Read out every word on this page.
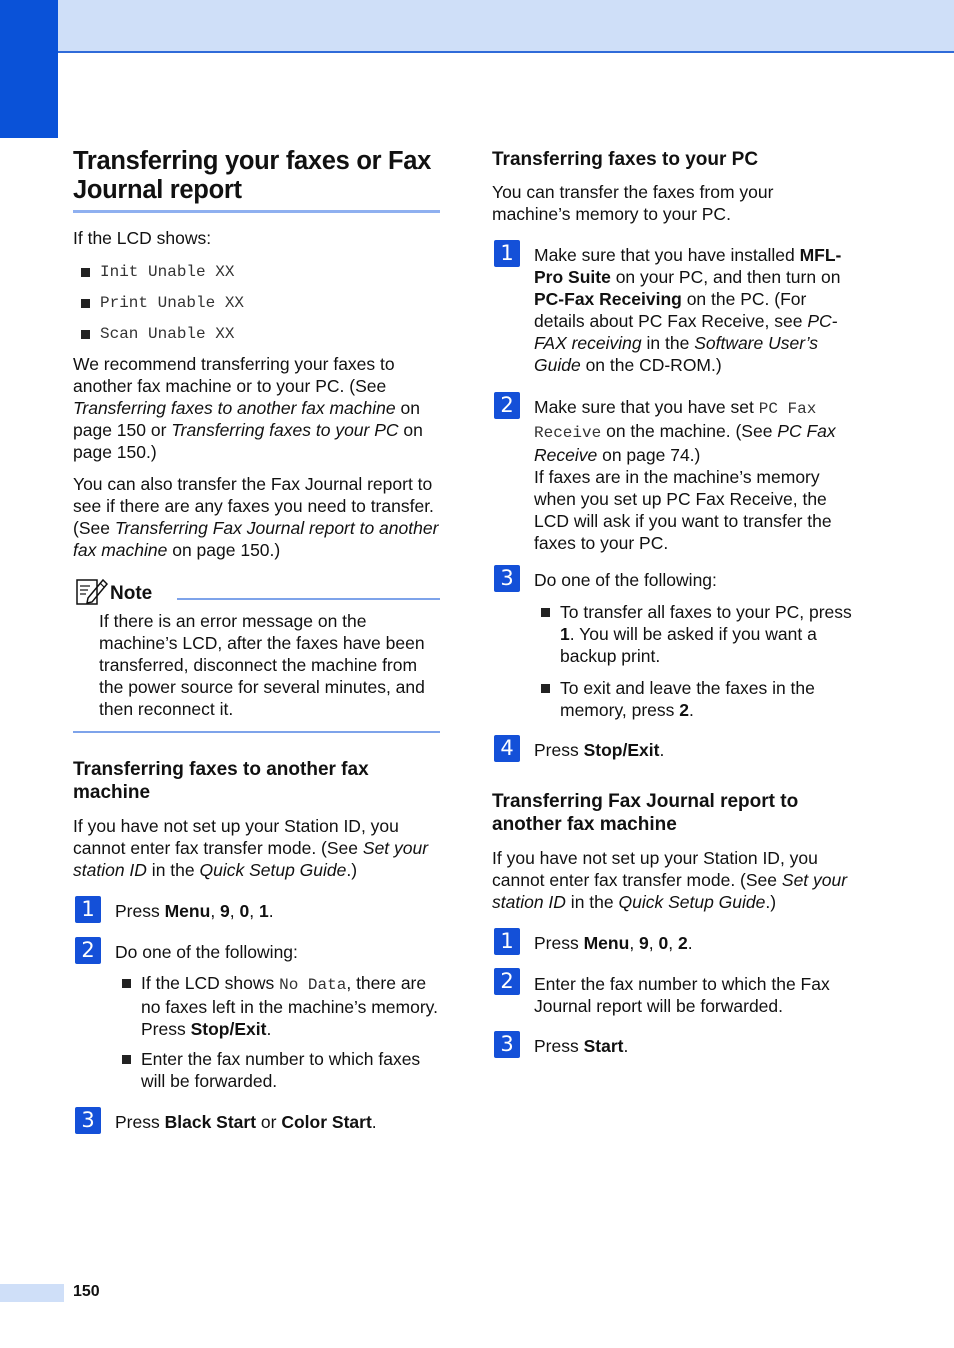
Transferring your faxes or Fax Journal report

If the LCD shows:

Init Unable XX
Print Unable XX
Scan Unable XX

We recommend transferring your faxes to another fax machine or to your PC. (See Transferring faxes to another fax machine on page 150 or Transferring faxes to your PC on page 150.)

You can also transfer the Fax Journal report to see if there are any faxes you need to transfer. (See Transferring Fax Journal report to another fax machine on page 150.)

Note

If there is an error message on the machine’s LCD, after the faxes have been transferred, disconnect the machine from the power source for several minutes, and then reconnect it.

Transferring faxes to another fax machine

If you have not set up your Station ID, you cannot enter fax transfer mode. (See Set your station ID in the Quick Setup Guide.)

1	Press Menu, 9, 0, 1.

2	Do one of the following:

If the LCD shows No Data, there are no faxes left in the machine’s memory. Press Stop/Exit.
Enter the fax number to which faxes will be forwarded.
3	Press Black Start or Color Start.

Transferring faxes to your PC

You can transfer the faxes from your machine’s memory to your PC.

1	Make sure that you have installed MFL-Pro Suite on your PC, and then turn on PC-Fax Receiving on the PC. (For details about PC Fax Receive, see PC-FAX receiving in the Software User’s Guide on the CD-ROM.)

2	Make sure that you have set PC Fax Receive on the machine. (See PC Fax Receive on page 74.)
If faxes are in the machine’s memory when you set up PC Fax Receive, the LCD will ask if you want to transfer the faxes to your PC.

3	Do one of the following:

To transfer all faxes to your PC, press 1. You will be asked if you want a backup print.
To exit and leave the faxes in the memory, press 2.
4	Press Stop/Exit.

Transferring Fax Journal report to another fax machine

If you have not set up your Station ID, you cannot enter fax transfer mode. (See Set your station ID in the Quick Setup Guide.)

1	Press Menu, 9, 0, 2.

2	Enter the fax number to which the Fax Journal report will be forwarded.

3	Press Start.

150
